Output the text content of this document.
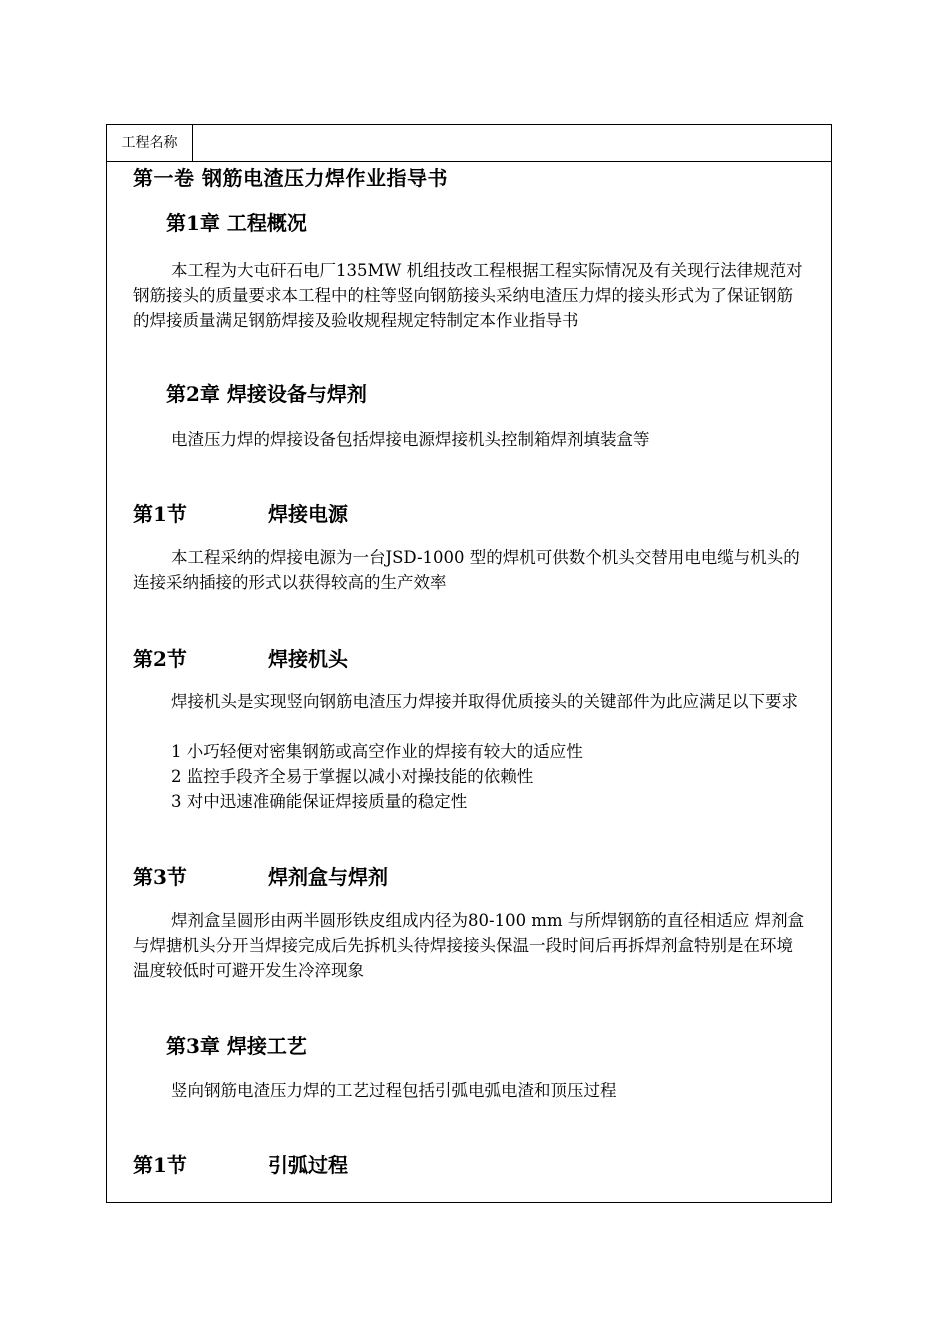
工程名称
第一卷 钢筋电渣压力焊作业指导书
第1章 工程概况
本工程为大屯矸石电厂135MW 机组技改工程根据工程实际情况及有关现行法律规范对钢筋接头的质量要求本工程中的柱等竖向钢筋接头采纳电渣压力焊的接头形式为了保证钢筋的焊接质量满足钢筋焊接及验收规程规定特制定本作业指导书
第2章 焊接设备与焊剂
电渣压力焊的焊接设备包括焊接电源焊接机头控制箱焊剂填装盒等
第1节	焊接电源
本工程采纳的焊接电源为一台JSD-1000 型的焊机可供数个机头交替用电电缆与机头的连接采纳插接的形式以获得较高的生产效率
第2节	焊接机头
焊接机头是实现竖向钢筋电渣压力焊接并取得优质接头的关键部件为此应满足以下要求
1 小巧轻便对密集钢筋或高空作业的焊接有较大的适应性
2 监控手段齐全易于掌握以减小对操技能的依赖性
3 对中迅速准确能保证焊接质量的稳定性
第3节	焊剂盒与焊剂
焊剂盒呈圆形由两半圆形铁皮组成内径为80-100 mm 与所焊钢筋的直径相适应 焊剂盒与焊搪机头分开当焊接完成后先拆机头待焊接接头保温一段时间后再拆焊剂盒特别是在环境温度较低时可避开发生冷淬现象
第3章 焊接工艺
竖向钢筋电渣压力焊的工艺过程包括引弧电弧电渣和顶压过程
第1节	引弧过程
